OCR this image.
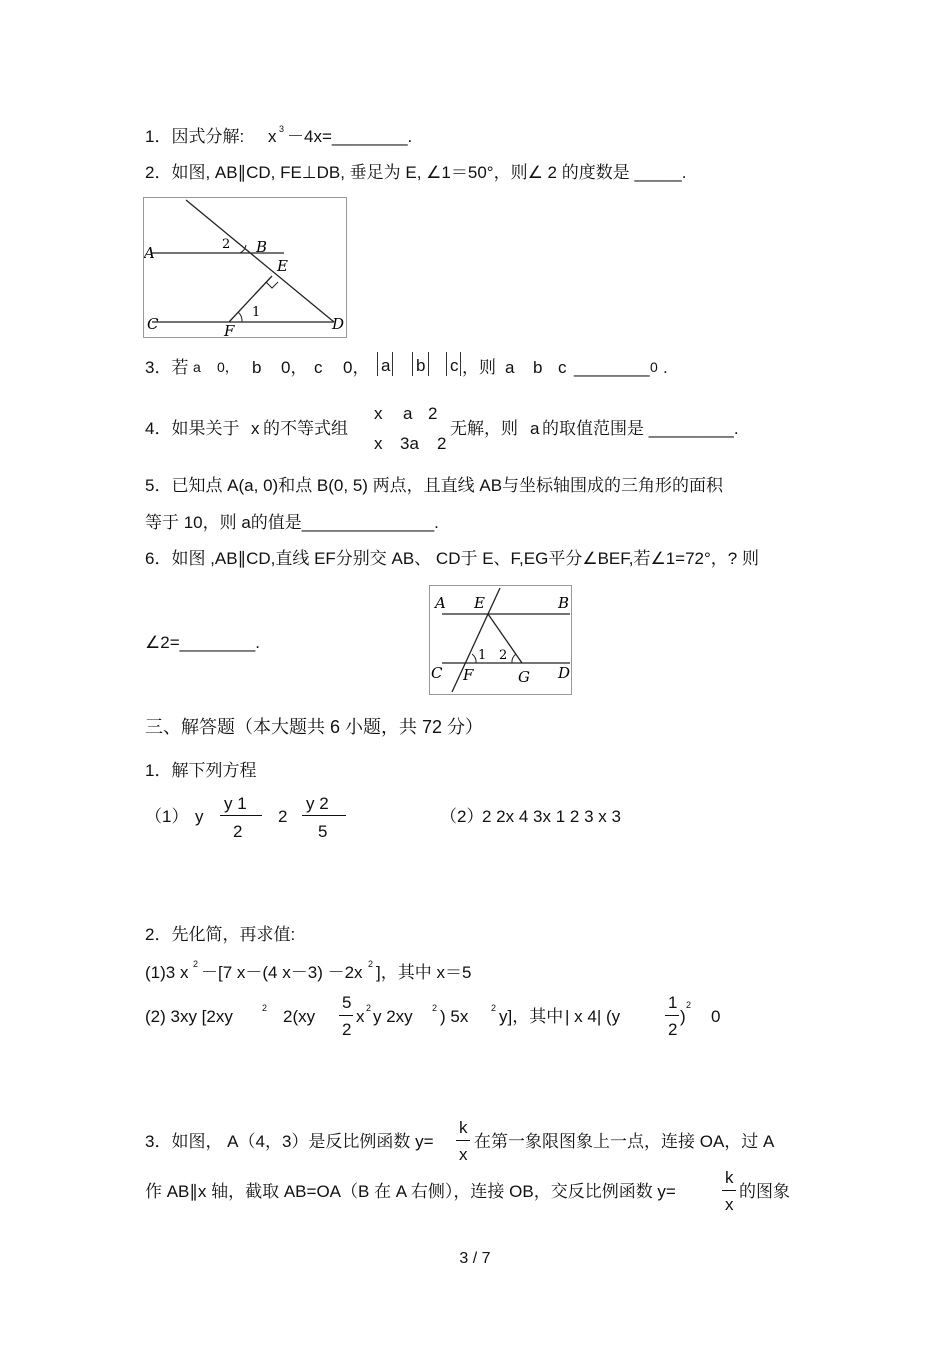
1．因式分解: x 3 －4x=________.
2．如图, AB∥CD, FE⊥DB, 垂足为 E, ∠1＝50°，则∠ 2 的度数是 _____.
A	B
C	D
E
F
1
2
3．若 a 0， b 0， c 0， a b c ，则 a b c ________ 0 .
4．如果关于 x 的不等式组
x a 2
x 3a 2
无解，则 a 的取值范围是 _________.
5．已知点 A(a, 0)和点 B(0, 5) 两点，且直线 AB与坐标轴围成的三角形的面积
等于 10，则 a的值是______________.
6．如图 ,AB∥CD,直线 EF分别交 AB、 CD于 E、F,EG平分∠BEF,若∠1=72°，? 则
A E	B
C F	G D
1 2
∠2=________.
三、解答题（本大题共 6 小题，共 72 分）
1．解下列方程
（1） y
y 1
2
2
y 2
5
（2）
2 2x 4 3x 1 2 3 x 3
2．先化简，再求值:
(1)3 x 2 －[7 x－(4 x－3) －2x 2 ]，其中 x＝5
(2) 3xy [2xy	2 2(xy
5
2
x 2 y 2xy 2 ) 5x	2 y]，其中 | x 4| (y
1
2
)
2
0
3．如图， A（4，3）是反比例函数 y=
k
x
在第一象限图象上一点，连接 OA，过 A
作 AB∥x 轴，截取 AB=OA（B 在 A 右侧），连接 OB，交反比例函数 y=
k
x
的图象
3 / 7
